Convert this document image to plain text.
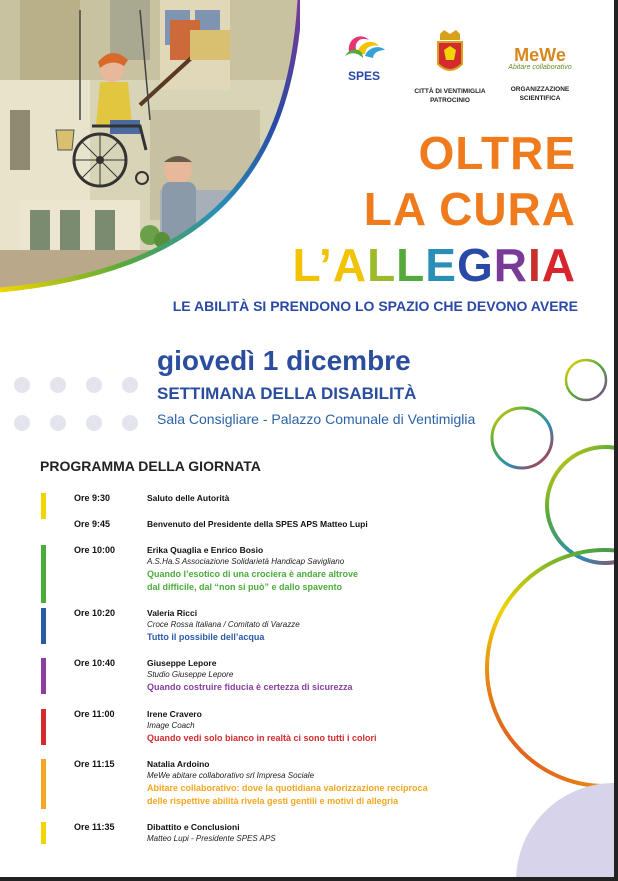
SPES
CITTÀ DI VENTIMIGLIA
PATROCINIO
MeWe
Abitare collaborativo
ORGANIZZAZIONE
SCIENTIFICA
OLTRE
LA CURA
L’ALLEGRIA
LE ABILITÀ SI PRENDONO LO SPAZIO CHE DEVONO AVERE
giovedì 1 dicembre
SETTIMANA DELLA DISABILITÀ
Sala Consigliare - Palazzo Comunale di Ventimiglia
PROGRAMMA DELLA GIORNATA
Ore 9:30	Saluto delle Autorità
Ore 9:45	Benvenuto del Presidente della SPES APS Matteo Lupi
Ore 10:00	Erika Quaglia e Enrico Bosio
A.S.Ha.S Associazione Solidarietà Handicap Savigliano
Quando l’esotico di una crociera è andare altrove
dal difficile, dal “non si può” e dallo spavento
Ore 10:20	Valeria Ricci
Croce Rossa Italiana / Comitato di Varazze
Tutto il possibile dell’acqua
Ore 10:40	Giuseppe Lepore
Studio Giuseppe Lepore
Quando costruire fiducia è certezza di sicurezza
Ore 11:00	Irene Cravero
Image Coach
Quando vedi solo bianco in realtà ci sono tutti i colori
Ore 11:15	Natalia Ardoino
MeWe abitare collaborativo srl Impresa Sociale
Abitare collaborativo: dove la quotidiana valorizzazione reciproca
delle rispettive abilità rivela gesti gentili e motivi di allegria
Ore 11:35	Dibattito e Conclusioni
Matteo Lupi - Presidente SPES APS
